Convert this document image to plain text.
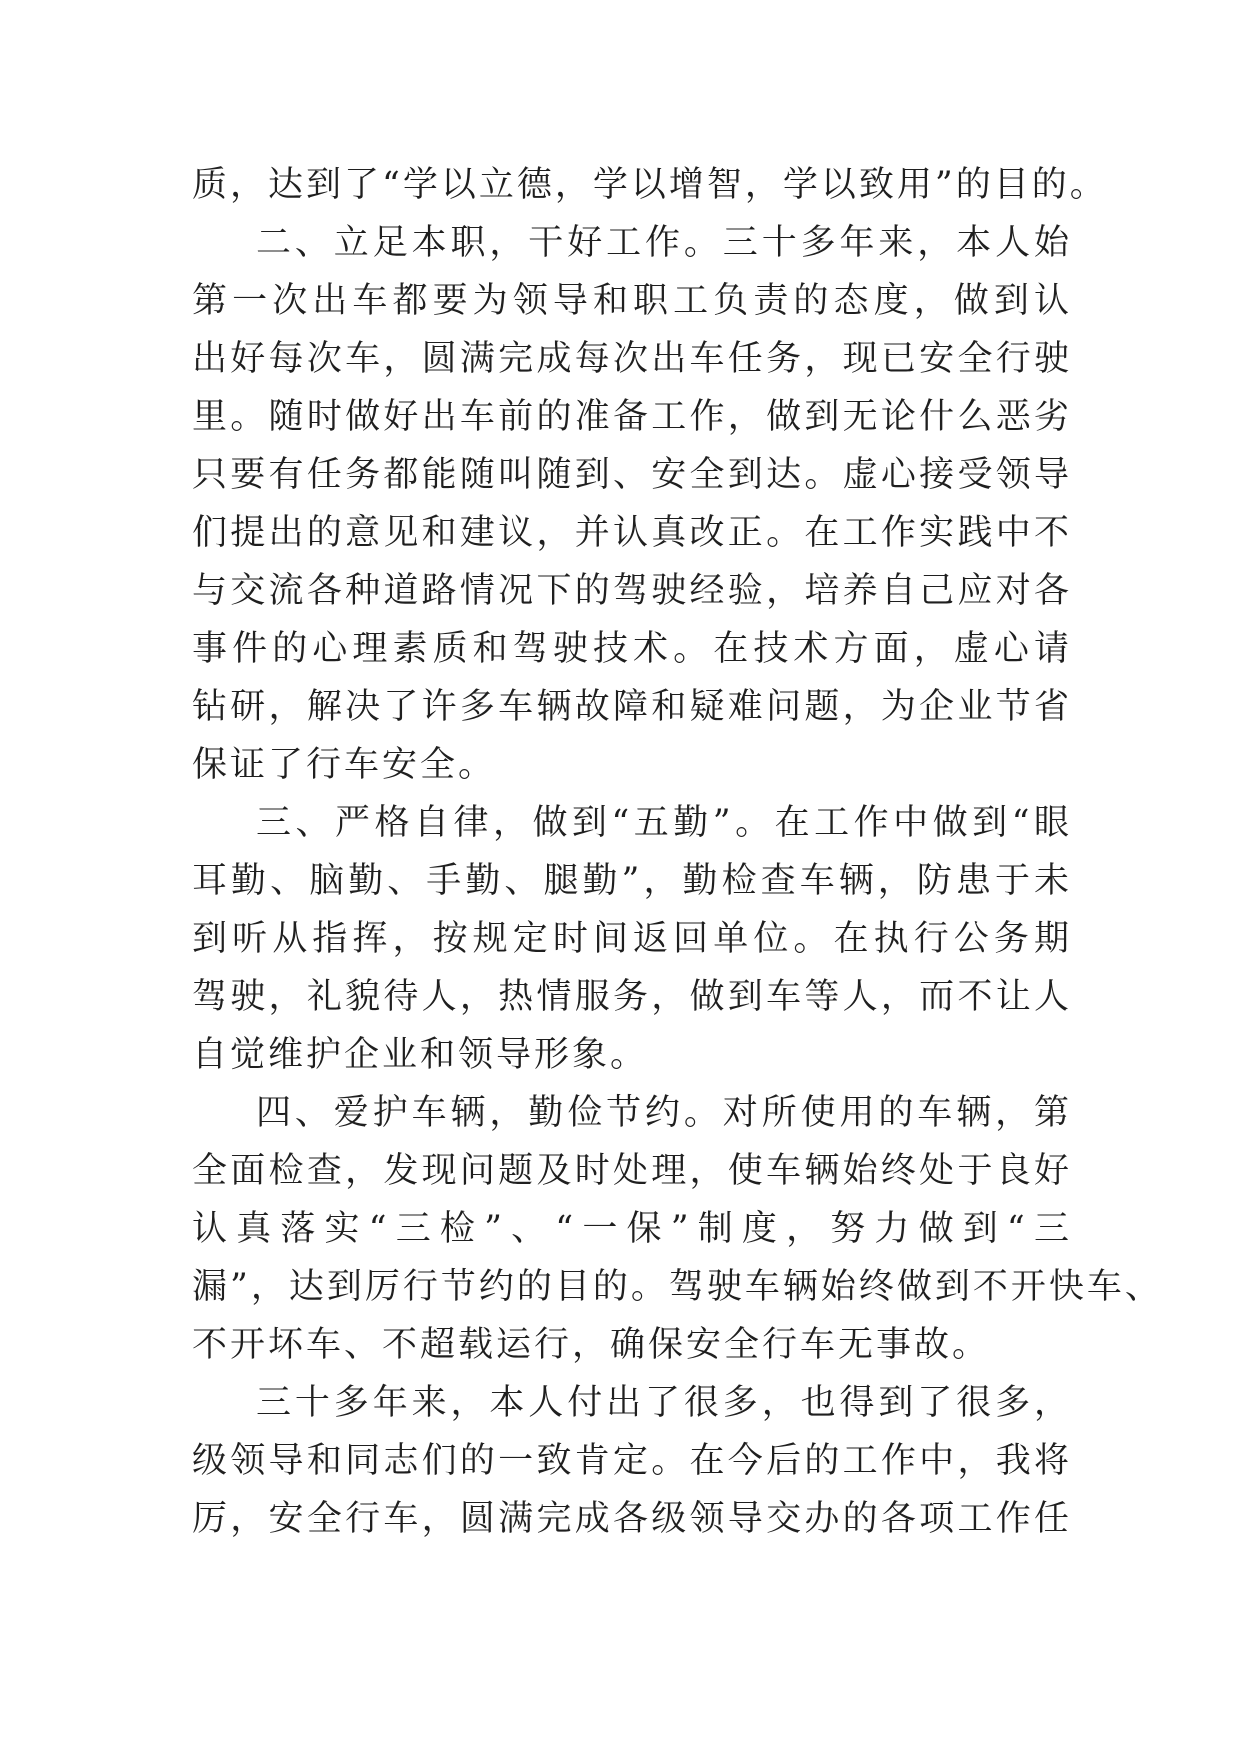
质，达到了“学以立德，学以增智，学以致用”的目的。

二、立足本职，干好工作。三十多年来，本人始

第一次出车都要为领导和职工负责的态度，做到认

出好每次车，圆满完成每次出车任务，现已安全行驶

里。随时做好出车前的准备工作，做到无论什么恶劣

只要有任务都能随叫随到、安全到达。虚心接受领导

们提出的意见和建议，并认真改正。在工作实践中不

与交流各种道路情况下的驾驶经验，培养自己应对各

事件的心理素质和驾驶技术。在技术方面，虚心请

钻研，解决了许多车辆故障和疑难问题，为企业节省

保证了行车安全。

三、严格自律，做到“五勤”。在工作中做到“眼

耳勤、脑勤、手勤、腿勤”，勤检查车辆，防患于未

到听从指挥，按规定时间返回单位。在执行公务期

驾驶，礼貌待人，热情服务，做到车等人，而不让人

自觉维护企业和领导形象。

四、爱护车辆，勤俭节约。对所使用的车辆，第

全面检查，发现问题及时处理，使车辆始终处于良好

认真落实“三检”、“一保”制度，努力做到“三

漏”，达到厉行节约的目的。驾驶车辆始终做到不开快车、

不开坏车、不超载运行，确保安全行车无事故。

三十多年来，本人付出了很多，也得到了很多，

级领导和同志们的一致肯定。在今后的工作中，我将

厉，安全行车，圆满完成各级领导交办的各项工作任
